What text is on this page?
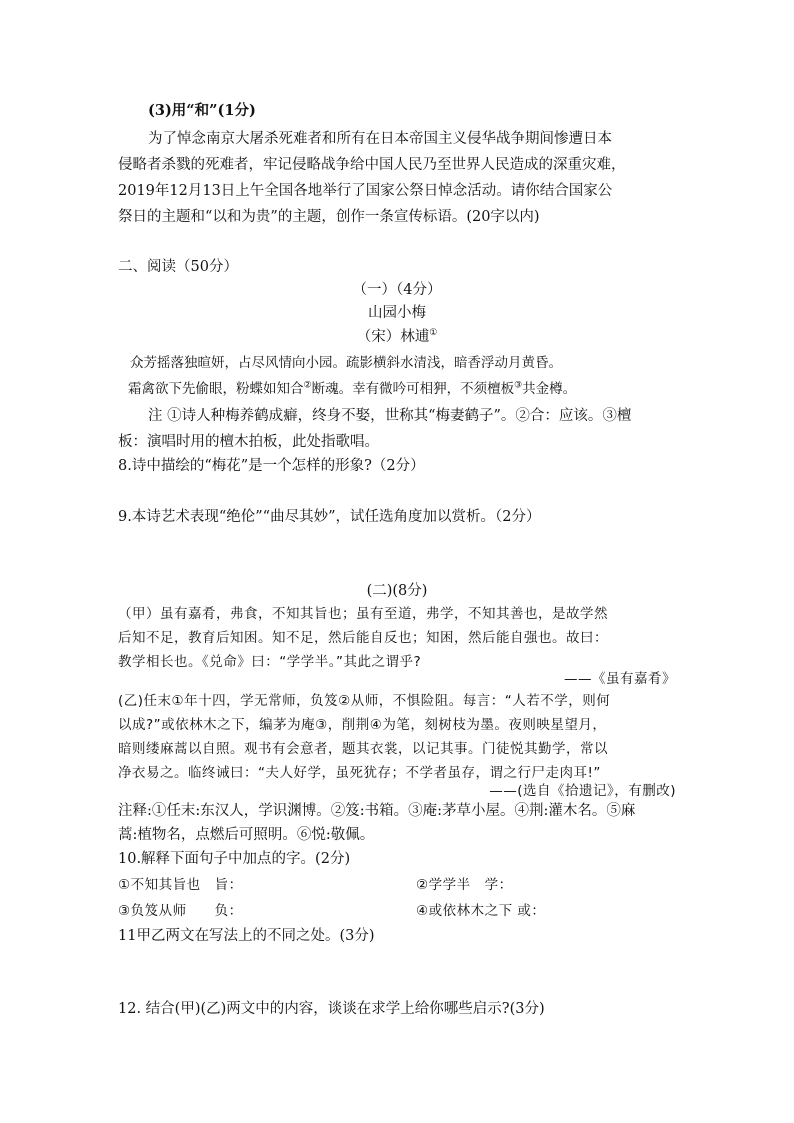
(3)用“和”(1分)
为了悼念南京大屠杀死难者和所有在日本帝国主义侵华战争期间惨遭日本
侵略者杀戮的死难者，牢记侵略战争给中国人民乃至世界人民造成的深重灾难，
2019年12月13日上午全国各地举行了国家公祭日悼念活动。请你结合国家公
祭日的主题和“以和为贵”的主题，创作一条宣传标语。(20字以内)
二、阅读（50分）
（一）（4分）
山园小梅
（宋）林逋①
众芳摇落独暄妍，占尽风情向小园。疏影横斜水清浅，暗香浮动月黄昏。
霜禽欲下先偷眼，粉蝶如知合②断魂。幸有微吟可相狎，不须檀板③共金樽。
注 ①诗人种梅养鹤成癖，终身不娶，世称其“梅妻鹤子”。②合：应该。③檀
板：演唱时用的檀木拍板，此处指歌唱。
8.诗中描绘的“梅花”是一个怎样的形象?（2分）
9.本诗艺术表现“绝伦”“曲尽其妙”，试任选角度加以赏析。（2分）
(二)(8分)
（甲）虽有嘉肴，弗食，不知其旨也；虽有至道，弗学，不知其善也，是故学然
后知不足，教育后知困。知不足，然后能自反也；知困，然后能自强也。故曰：
教学相长也。《兑命》曰：“学学半。”其此之谓乎?
——《虽有嘉肴》
(乙)任末①年十四，学无常师，负笈②从师，不惧险阻。每言：“人若不学，则何
以成?”或依林木之下，编茅为庵③，削荆④为笔，刻树枝为墨。夜则映星望月，
暗则缕麻蒿以自照。观书有会意者，题其衣裳，以记其事。门徒悦其勤学，常以
净衣易之。临终诫曰：“夫人好学，虽死犹存；不学者虽存，谓之行尸走肉耳!”
——(选自《拾遗记》，有删改)
注释:①任末:东汉人，学识渊博。②笈:书箱。③庵:茅草小屋。④荆:灌木名。⑤麻
蒿:植物名，点燃后可照明。⑥悦:敬佩。
10.解释下面句子中加点的字。(2分)
①不知其旨也　旨：	②学学半　学：
③负笈从师　　负：	④或依林木之下 或：
11甲乙两文在写法上的不同之处。(3分)
12. 结合(甲)(乙)两文中的内容，谈谈在求学上给你哪些启示?(3分)
